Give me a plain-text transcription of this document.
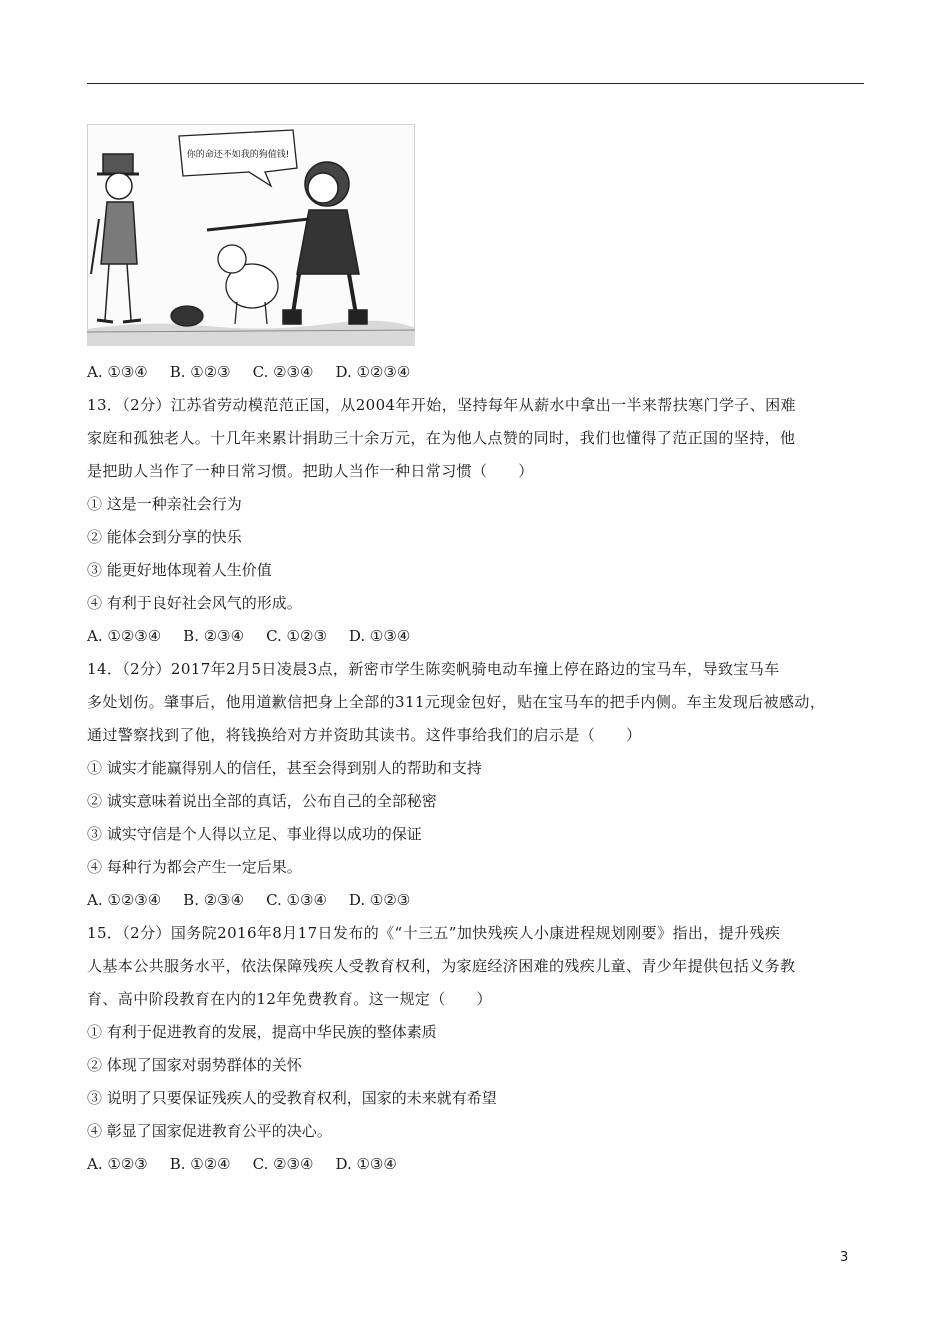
你的命还不如我的狗值钱!
A. ①③④ B. ①②③ C. ②③④ D. ①②③④
13．（2分）江苏省劳动模范范正国，从2004年开始，坚持每年从薪水中拿出一半来帮扶寒门学子、困难
家庭和孤独老人。十几年来累计捐助三十余万元，在为他人点赞的同时，我们也懂得了范正国的坚持，他
是把助人当作了一种日常习惯。把助人当作一种日常习惯（　　）
① 这是一种亲社会行为
② 能体会到分享的快乐
③ 能更好地体现着人生价值
④ 有利于良好社会风气的形成。
A. ①②③④ B. ②③④ C. ①②③ D. ①③④
14．（2分）2017年2月5日凌晨3点，新密市学生陈奕帆骑电动车撞上停在路边的宝马车，导致宝马车
多处划伤。肇事后，他用道歉信把身上全部的311元现金包好，贴在宝马车的把手内侧。车主发现后被感动，
通过警察找到了他，将钱换给对方并资助其读书。这件事给我们的启示是（　　）
① 诚实才能赢得别人的信任，甚至会得到别人的帮助和支持
② 诚实意味着说出全部的真话，公布自己的全部秘密
③ 诚实守信是个人得以立足、事业得以成功的保证
④ 每种行为都会产生一定后果。
A. ①②③④ B. ②③④ C. ①③④ D. ①②③
15．（2分）国务院2016年8月17日发布的《“十三五”加快残疾人小康进程规划刚要》指出，提升残疾
人基本公共服务水平，依法保障残疾人受教育权利，为家庭经济困难的残疾儿童、青少年提供包括义务教
育、高中阶段教育在内的12年免费教育。这一规定（　　）
① 有利于促进教育的发展，提高中华民族的整体素质
② 体现了国家对弱势群体的关怀
③ 说明了只要保证残疾人的受教育权利，国家的未来就有希望
④ 彰显了国家促进教育公平的决心。
A. ①②③ B. ①②④ C. ②③④ D. ①③④
3
